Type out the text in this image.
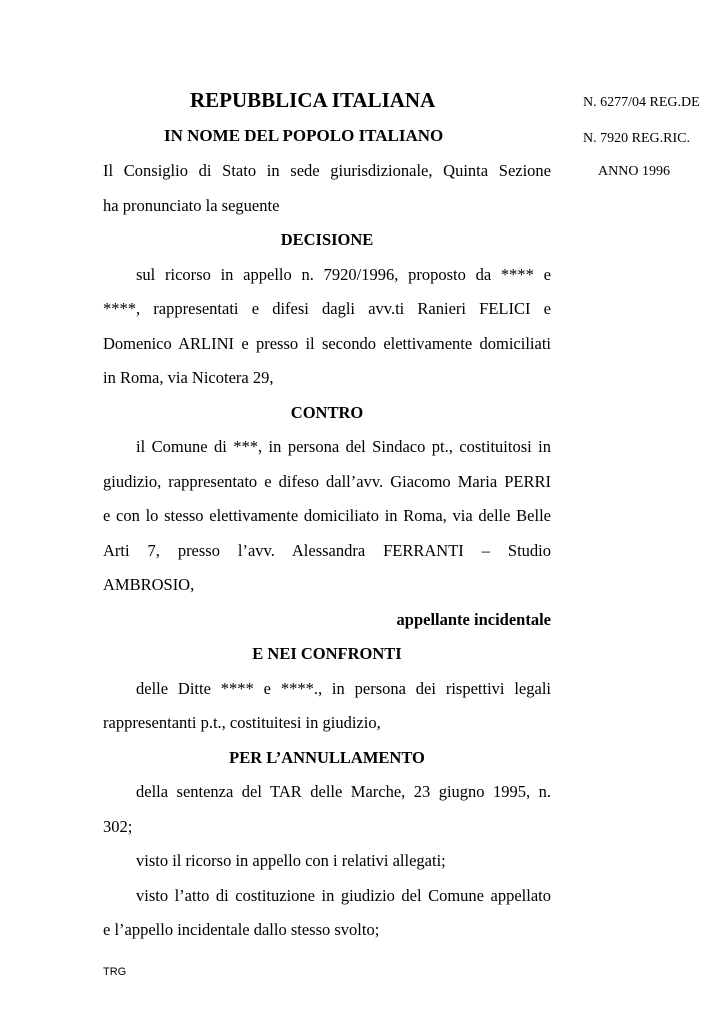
REPUBBLICA ITALIANA
IN NOME DEL POPOLO ITALIANO
N. 6277/04 REG.DE
N. 7920 REG.RIC.
ANNO 1996
Il Consiglio di Stato in sede giurisdizionale, Quinta Sezione
ha pronunciato la seguente
DECISIONE
sul ricorso in appello n. 7920/1996, proposto da **** e
****, rappresentati e difesi dagli avv.ti Ranieri FELICI e
Domenico ARLINI e presso il secondo elettivamente domiciliati
in Roma, via Nicotera 29,
CONTRO
il Comune di ***, in persona del Sindaco pt., costituitosi in
giudizio, rappresentato e difeso dall’avv. Giacomo Maria PERRI
e con lo stesso elettivamente domiciliato in Roma, via delle Belle
Arti 7, presso l’avv. Alessandra FERRANTI – Studio
AMBROSIO,
appellante incidentale
E NEI CONFRONTI
delle Ditte **** e ****., in persona dei rispettivi legali
rappresentanti p.t., costituitesi in giudizio,
PER L’ANNULLAMENTO
della sentenza del TAR delle Marche, 23 giugno 1995, n.
302;
visto il ricorso in appello con i relativi allegati;
visto l’atto di costituzione in giudizio del Comune appellato
e l’appello incidentale dallo stesso svolto;
TRG
